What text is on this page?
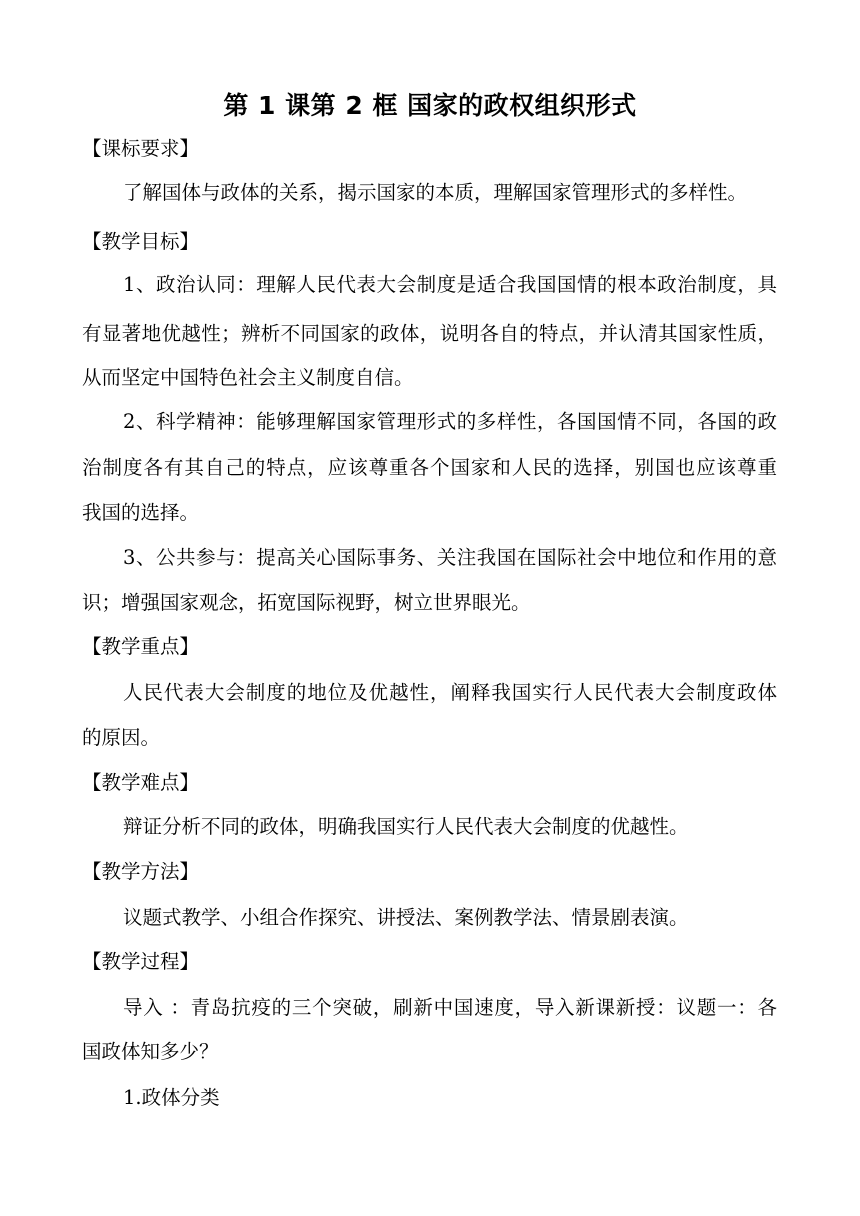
第 1 课第 2 框 国家的政权组织形式
【课标要求】
了解国体与政体的关系，揭示国家的本质，理解国家管理形式的多样性。
【教学目标】
1、政治认同：理解人民代表大会制度是适合我国国情的根本政治制度，具
有显著地优越性；辨析不同国家的政体，说明各自的特点，并认清其国家性质，
从而坚定中国特色社会主义制度自信。
2、科学精神：能够理解国家管理形式的多样性，各国国情不同，各国的政
治制度各有其自己的特点，应该尊重各个国家和人民的选择，别国也应该尊重
我国的选择。
3、公共参与：提高关心国际事务、关注我国在国际社会中地位和作用的意
识；增强国家观念，拓宽国际视野，树立世界眼光。
【教学重点】
人民代表大会制度的地位及优越性，阐释我国实行人民代表大会制度政体
的原因。
【教学难点】
辩证分析不同的政体，明确我国实行人民代表大会制度的优越性。
【教学方法】
议题式教学、小组合作探究、讲授法、案例教学法、情景剧表演。
【教学过程】
导入 ：青岛抗疫的三个突破，刷新中国速度，导入新课新授：议题一：各
国政体知多少？
1.政体分类
